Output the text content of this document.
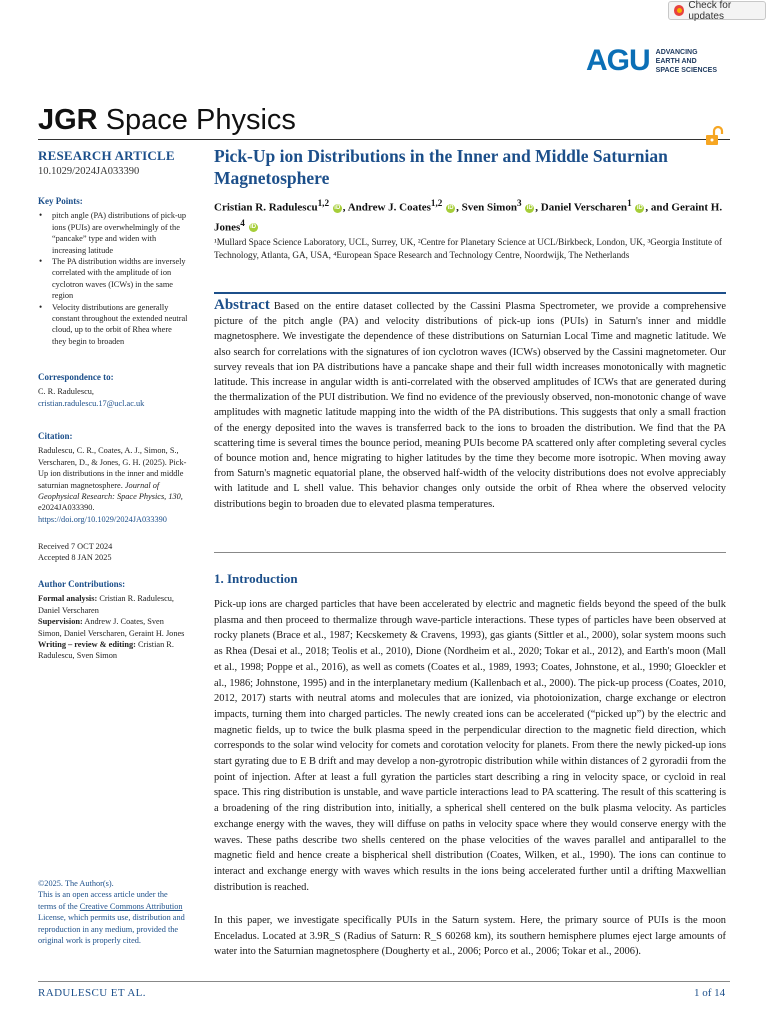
Check for updates
AGU ADVANCING
EARTH AND
SPACE SCIENCES
JGR Space Physics
RESEARCH ARTICLE
10.1029/2024JA033390
Key Points:
• pitch angle (PA) distributions of pick-up ions (PUIs) are overwhelmingly of the “pancake” type and widen with increasing latitude
• The PA distribution widths are inversely correlated with the amplitude of ion cyclotron waves (ICWs) in the same region
• Velocity distributions are generally constant throughout the extended neutral cloud, up to the orbit of Rhea where they begin to broaden
Correspondence to:
C. R. Radulescu,
cristian.radulescu.17@ucl.ac.uk
Citation:
Radulescu, C. R., Coates, A. J., Simon, S., Verscharen, D., & Jones, G. H. (2025). Pick-Up ion distributions in the inner and middle saturnian magnetosphere. Journal of Geophysical Research: Space Physics, 130, e2024JA033390. https://doi.org/10.1029/2024JA033390
Received 7 OCT 2024
Accepted 8 JAN 2025
Author Contributions:
Formal analysis: Cristian R. Radulescu, Daniel Verscharen
Supervision: Andrew J. Coates, Sven Simon, Daniel Verscharen, Geraint H. Jones
Writing – review & editing: Cristian R. Radulescu, Sven Simon
©2025. The Author(s).
This is an open access article under the terms of the Creative Commons Attribution License, which permits use, distribution and reproduction in any medium, provided the original work is properly cited.
Pick-Up ion Distributions in the Inner and Middle Saturnian Magnetosphere
Cristian R. Radulescu$^{1,2}$ iD , Andrew J. Coates$^{1,2}$ iD , Sven Simon$^3$ iD , Daniel Verscharen$^1$ iD , and Geraint H. Jones$^4$ iD
¹Mullard Space Science Laboratory, UCL, Surrey, UK, ²Centre for Planetary Science at UCL/Birkbeck, London, UK, ³Georgia Institute of Technology, Atlanta, GA, USA, ⁴European Space Research and Technology Centre, Noordwijk, The Netherlands
Abstract Based on the entire dataset collected by the Cassini Plasma Spectrometer, we provide a comprehensive picture of the pitch angle (PA) and velocity distributions of pick-up ions (PUIs) in Saturn's inner and middle magnetosphere. We investigate the dependence of these distributions on Saturnian Local Time and magnetic latitude. We also search for correlations with the signatures of ion cyclotron waves (ICWs) observed by the Cassini magnetometer. Our survey reveals that ion PA distributions have a pancake shape and their full width increases monotonically with magnetic latitude. This increase in angular width is anti-correlated with the observed amplitudes of ICWs that are generated during the thermalization of the PUI distribution. We find no evidence of the previously observed, non-monotonic change of wave amplitudes with magnetic latitude mapping into the width of the PA distributions. This suggests that only a small fraction of the energy deposited into the waves is transferred back to the ions to broaden the distribution. We find that the PA scattering time is several times the bounce period, meaning PUIs become PA scattered only after completing several cycles of bounce motion and, hence migrating to higher latitudes by the time they become more isotropic. When moving away from Saturn's magnetic equatorial plane, the observed half-width of the velocity distributions does not evolve appreciably with latitude and L shell value. This behavior changes only outside the orbit of Rhea where the observed velocity distributions begin to broaden due to elevated plasma temperatures.
1. Introduction

Pick-up ions are charged particles that have been accelerated by electric and magnetic fields beyond the speed of the bulk plasma and then proceed to thermalize through wave-particle interactions. These types of particles have been observed at rocky planets (Brace et al., 1987; Kecskemety & Cravens, 1993), gas giants (Sittler et al., 2000), solar system moons such as Rhea (Desai et al., 2018; Teolis et al., 2010), Dione (Nordheim et al., 2020; Tokar et al., 2012), and Earth's moon (Mall et al., 1998; Poppe et al., 2016), as well as comets (Coates et al., 1989, 1993; Coates, Johnstone, et al., 1990; Gloeckler et al., 1986; Johnstone, 1995) and in the interplanetary medium (Kallenbach et al., 2000). The pick-up process (Coates, 2010, 2012, 2017) starts with neutral atoms and molecules that are ionized, via photoionization, charge exchange or electron impacts, turning them into charged particles. The newly created ions can be accelerated (“picked up”) by the electric and magnetic fields, up to twice the bulk plasma speed in the perpendicular direction to the magnetic field direction, which corresponds to the solar wind velocity for comets and corotation velocity for planets. From there the newly picked-up ions start gyrating due to E B drift and may develop a non-gyrotropic distribution while within distances of 2 gyroradii from the point of injection. After at least a full gyration the particles start describing a ring in velocity space, or cycloid in real space. This ring distribution is unstable, and wave particle interactions lead to PA scattering. The result of this scattering is a broadening of the ring distribution into, initially, a spherical shell centered on the bulk plasma velocity. As particles exchange energy with the waves, they will diffuse on paths in velocity space where they would conserve energy with the waves. These paths describe two shells centered on the phase velocities of the waves parallel and antiparallel to the magnetic field and hence create a bispherical shell distribution (Coates, Wilken, et al., 1990). The ions can continue to interact and exchange energy with waves which results in the ions being accelerated further until a drifting Maxwellian distribution is reached.

In this paper, we investigate specifically PUIs in the Saturn system. Here, the primary source of PUIs is the moon Enceladus. Located at 3.9R_S (Radius of Saturn: R_S 60268 km), its southern hemisphere plumes eject large amounts of water into the Saturnian magnetosphere (Dougherty et al., 2006; Porco et al., 2006; Tokar et al., 2006).

RADULESCU ET AL.	1 of 14
